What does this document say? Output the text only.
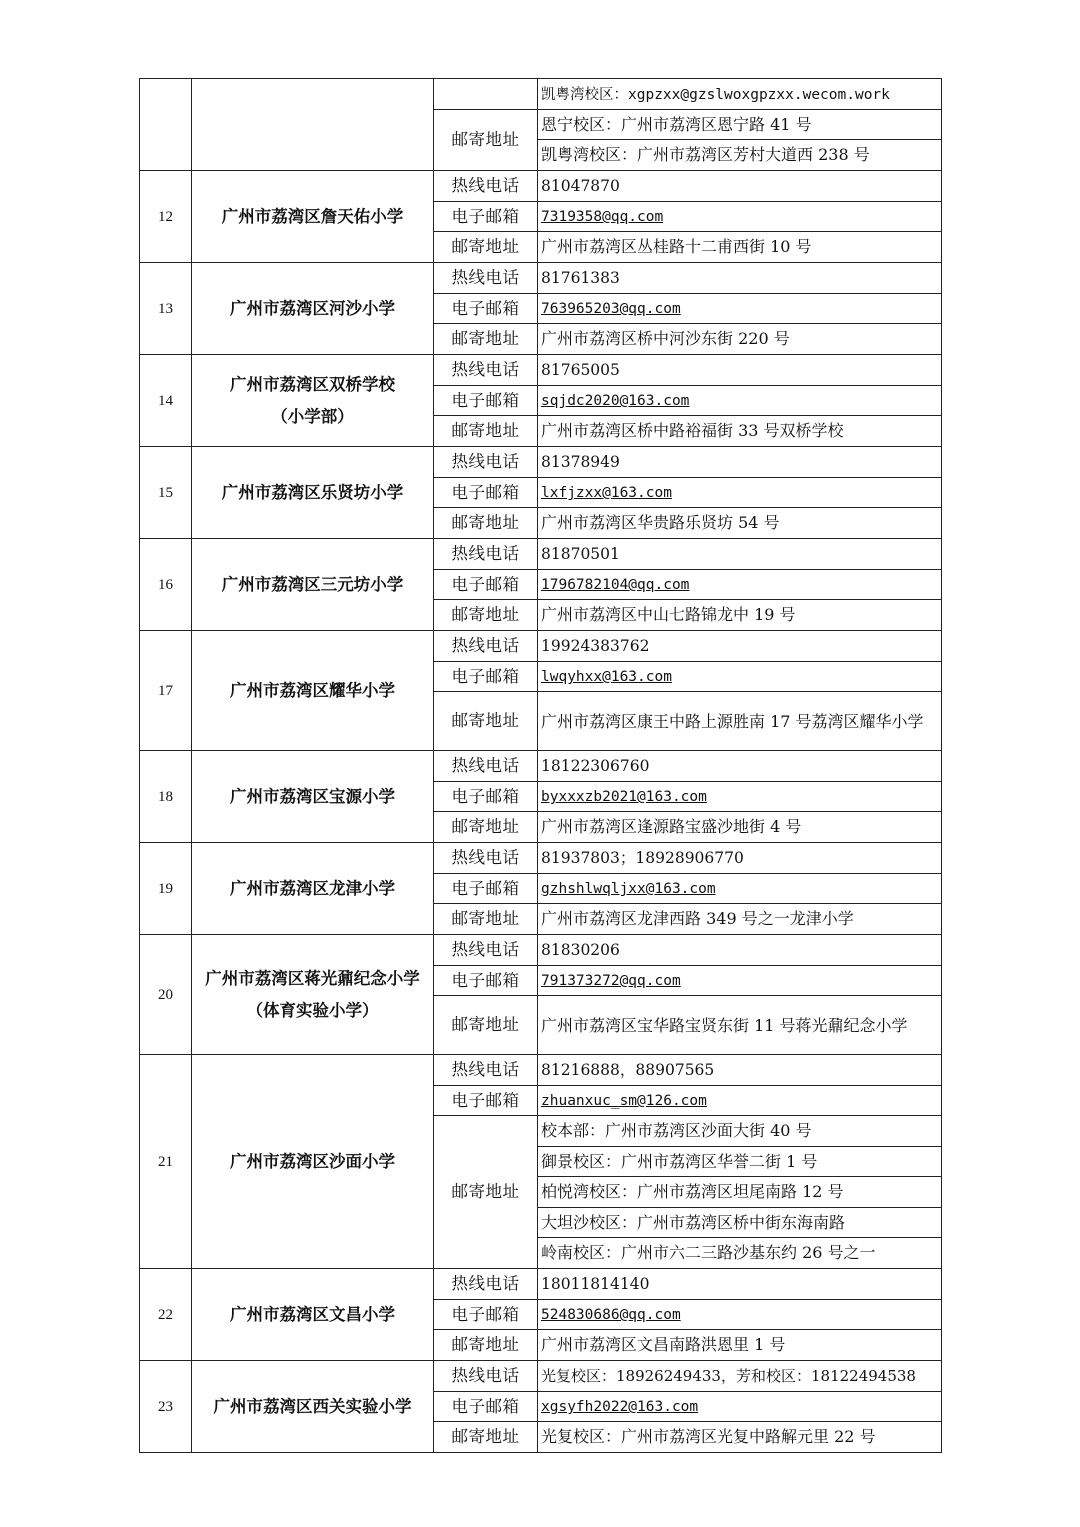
			凯粤湾校区：xgpzxx@gzslwoxgpzxx.wecom.work
		邮寄地址	恩宁校区：广州市荔湾区恩宁路 41 号
			凯粤湾校区：广州市荔湾区芳村大道西 238 号
12	广州市荔湾区詹天佑小学	热线电话	81047870
		电子邮箱	7319358@qq.com
		邮寄地址	广州市荔湾区丛桂路十二甫西街 10 号
13	广州市荔湾区河沙小学	热线电话	81761383
		电子邮箱	763965203@qq.com
		邮寄地址	广州市荔湾区桥中河沙东街 220 号
14	广州市荔湾区双桥学校
（小学部）	热线电话	81765005
		电子邮箱	sqjdc2020@163.com
		邮寄地址	广州市荔湾区桥中路裕福街 33 号双桥学校
15	广州市荔湾区乐贤坊小学	热线电话	81378949
		电子邮箱	lxfjzxx@163.com
		邮寄地址	广州市荔湾区华贵路乐贤坊 54 号
16	广州市荔湾区三元坊小学	热线电话	81870501
		电子邮箱	1796782104@qq.com
		邮寄地址	广州市荔湾区中山七路锦龙中 19 号
17	广州市荔湾区耀华小学	热线电话	19924383762
		电子邮箱	lwqyhxx@163.com
		邮寄地址	广州市荔湾区康王中路上源胜南 17 号荔湾区耀华小学
18	广州市荔湾区宝源小学	热线电话	18122306760
		电子邮箱	byxxxzb2021@163.com
		邮寄地址	广州市荔湾区逢源路宝盛沙地街 4 号
19	广州市荔湾区龙津小学	热线电话	81937803；18928906770
		电子邮箱	gzhshlwqljxx@163.com
		邮寄地址	广州市荔湾区龙津西路 349 号之一龙津小学
20	广州市荔湾区蒋光鼐纪念小学
（体育实验小学）	热线电话	81830206
		电子邮箱	791373272@qq.com
		邮寄地址	广州市荔湾区宝华路宝贤东街 11 号蒋光鼐纪念小学
21	广州市荔湾区沙面小学	热线电话	81216888，88907565
		电子邮箱	zhuanxuc_sm@126.com
		邮寄地址	校本部：广州市荔湾区沙面大街 40 号
			御景校区：广州市荔湾区华誉二街 1 号
			柏悦湾校区：广州市荔湾区坦尾南路 12 号
			大坦沙校区：广州市荔湾区桥中街东海南路
			岭南校区：广州市六二三路沙基东约 26 号之一
22	广州市荔湾区文昌小学	热线电话	18011814140
		电子邮箱	524830686@qq.com
		邮寄地址	广州市荔湾区文昌南路洪恩里 1 号
23	广州市荔湾区西关实验小学	热线电话	光复校区：18926249433，芳和校区：18122494538
		电子邮箱	xgsyfh2022@163.com
		邮寄地址	光复校区：广州市荔湾区光复中路解元里 22 号
